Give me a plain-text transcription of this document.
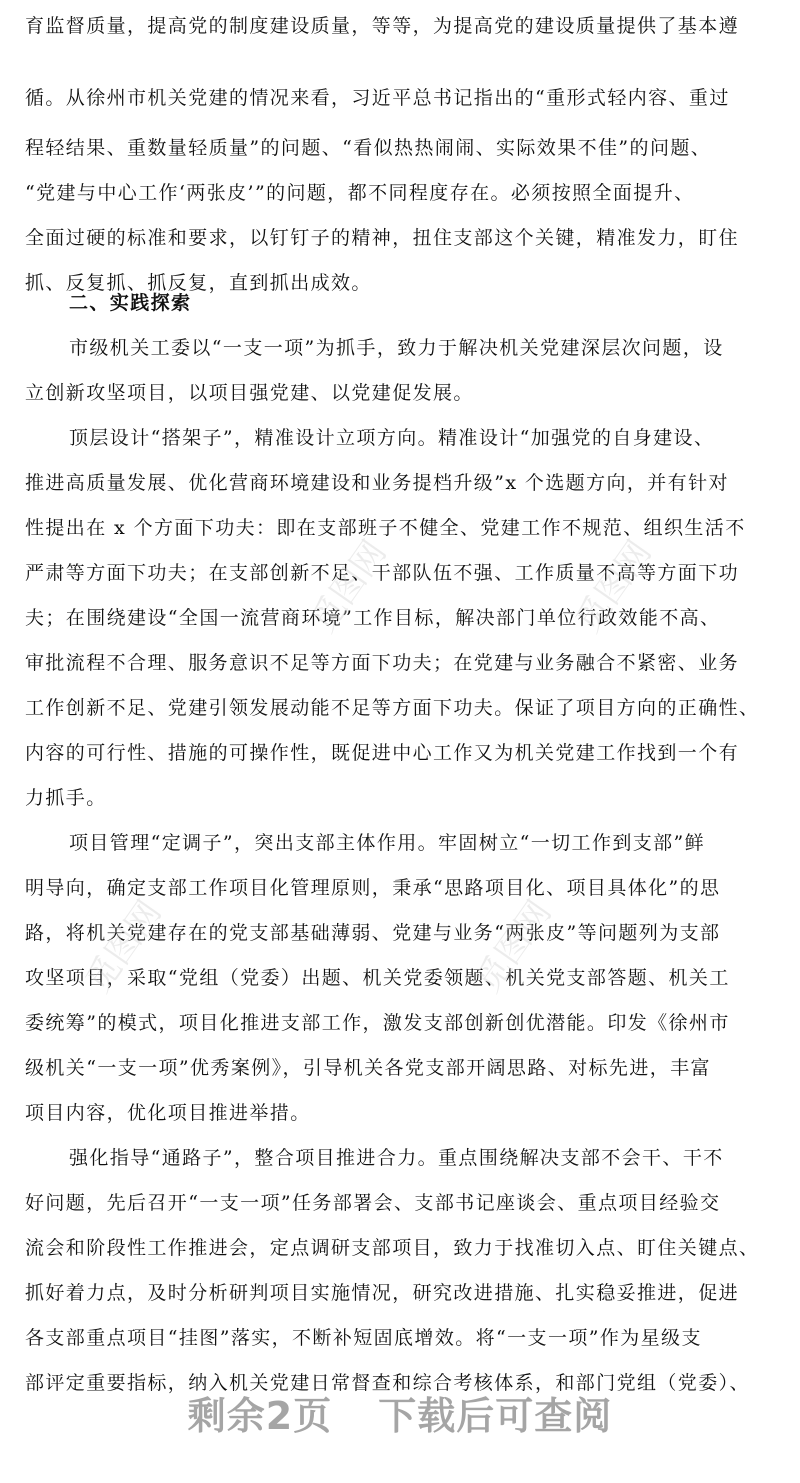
育监督质量，提高党的制度建设质量，等等，为提高党的建设质量提供了基本遵
循。从徐州市机关党建的情况来看，习近平总书记指出的“重形式轻内容、重过
程轻结果、重数量轻质量”的问题、“看似热热闹闹、实际效果不佳”的问题、
“党建与中心工作‘两张皮’”的问题，都不同程度存在。必须按照全面提升、
全面过硬的标准和要求，以钉钉子的精神，扭住支部这个关键，精准发力，盯住
抓、反复抓、抓反复，直到抓出成效。
二、实践探索
市级机关工委以“一支一项”为抓手，致力于解决机关党建深层次问题，设
立创新攻坚项目，以项目强党建、以党建促发展。
顶层设计“搭架子”，精准设计立项方向。精准设计“加强党的自身建设、
推进高质量发展、优化营商环境建设和业务提档升级”x 个选题方向，并有针对
性提出在 x 个方面下功夫：即在支部班子不健全、党建工作不规范、组织生活不
严肃等方面下功夫；在支部创新不足、干部队伍不强、工作质量不高等方面下功
夫；在围绕建设“全国一流营商环境”工作目标，解决部门单位行政效能不高、
审批流程不合理、服务意识不足等方面下功夫；在党建与业务融合不紧密、业务
工作创新不足、党建引领发展动能不足等方面下功夫。保证了项目方向的正确性、
内容的可行性、措施的可操作性，既促进中心工作又为机关党建工作找到一个有
力抓手。
项目管理“定调子”，突出支部主体作用。牢固树立“一切工作到支部”鲜
明导向，确定支部工作项目化管理原则，秉承“思路项目化、项目具体化”的思
路，将机关党建存在的党支部基础薄弱、党建与业务“两张皮”等问题列为支部
攻坚项目，采取“党组（党委）出题、机关党委领题、机关党支部答题、机关工
委统筹”的模式，项目化推进支部工作，激发支部创新创优潜能。印发《徐州市
级机关“一支一项”优秀案例》，引导机关各党支部开阔思路、对标先进，丰富
项目内容，优化项目推进举措。
强化指导“通路子”，整合项目推进合力。重点围绕解决支部不会干、干不
好问题，先后召开“一支一项”任务部署会、支部书记座谈会、重点项目经验交
流会和阶段性工作推进会，定点调研支部项目，致力于找准切入点、盯住关键点、
抓好着力点，及时分析研判项目实施情况，研究改进措施、扎实稳妥推进，促进
各支部重点项目“挂图”落实，不断补短固底增效。将“一支一项”作为星级支
部评定重要指标，纳入机关党建日常督查和综合考核体系，和部门党组（党委）、
觅图网	觅图网
觅图网	觅图网
剩余2页 下载后可查阅
